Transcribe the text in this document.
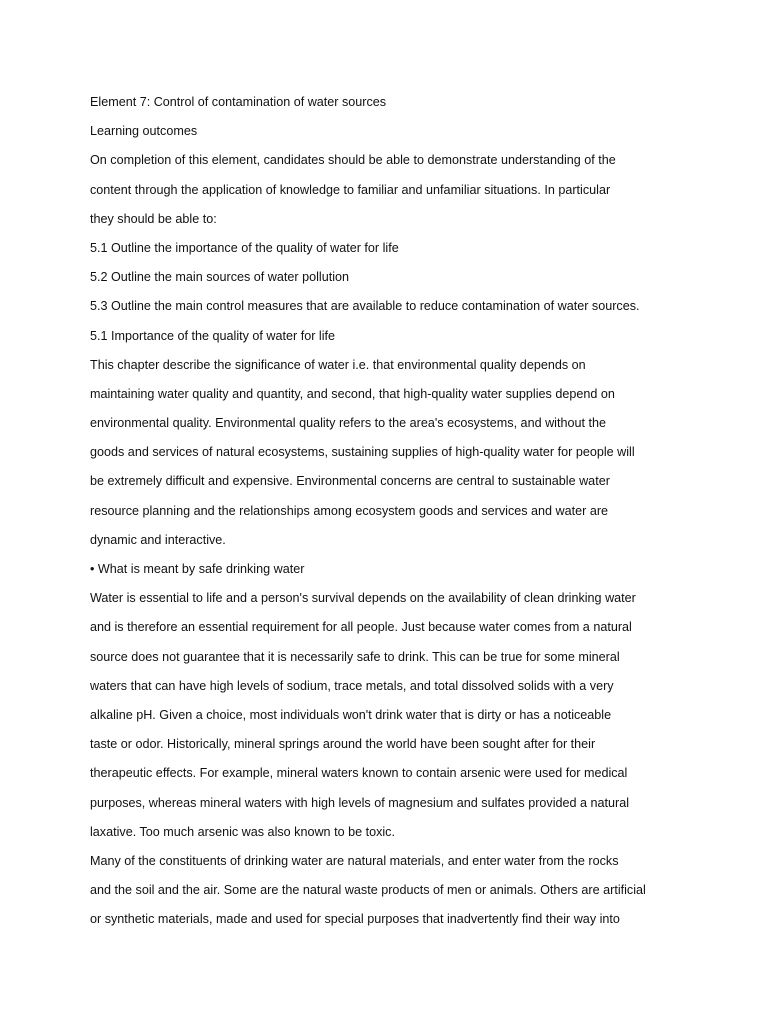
Element 7: Control of contamination of water sources
Learning outcomes
On completion of this element, candidates should be able to demonstrate understanding of the
content through the application of knowledge to familiar and unfamiliar situations. In particular
they should be able to:
5.1 Outline the importance of the quality of water for life
5.2 Outline the main sources of water pollution
5.3 Outline the main control measures that are available to reduce contamination of water sources.
5.1 Importance of the quality of water for life
This chapter describe the significance of water i.e. that environmental quality depends on
maintaining water quality and quantity, and second, that high-quality water supplies depend on
environmental quality. Environmental quality refers to the area's ecosystems, and without the
goods and services of natural ecosystems, sustaining supplies of high-quality water for people will
be extremely difficult and expensive. Environmental concerns are central to sustainable water
resource planning and the relationships among ecosystem goods and services and water are
dynamic and interactive.
• What is meant by safe drinking water
Water is essential to life and a person's survival depends on the availability of clean drinking water
and is therefore an essential requirement for all people. Just because water comes from a natural
source does not guarantee that it is necessarily safe to drink. This can be true for some mineral
waters that can have high levels of sodium, trace metals, and total dissolved solids with a very
alkaline pH. Given a choice, most individuals won't drink water that is dirty or has a noticeable
taste or odor. Historically, mineral springs around the world have been sought after for their
therapeutic effects. For example, mineral waters known to contain arsenic were used for medical
purposes, whereas mineral waters with high levels of magnesium and sulfates provided a natural
laxative. Too much arsenic was also known to be toxic.
Many of the constituents of drinking water are natural materials, and enter water from the rocks
and the soil and the air. Some are the natural waste products of men or animals. Others are artificial
or synthetic materials, made and used for special purposes that inadvertently find their way into
